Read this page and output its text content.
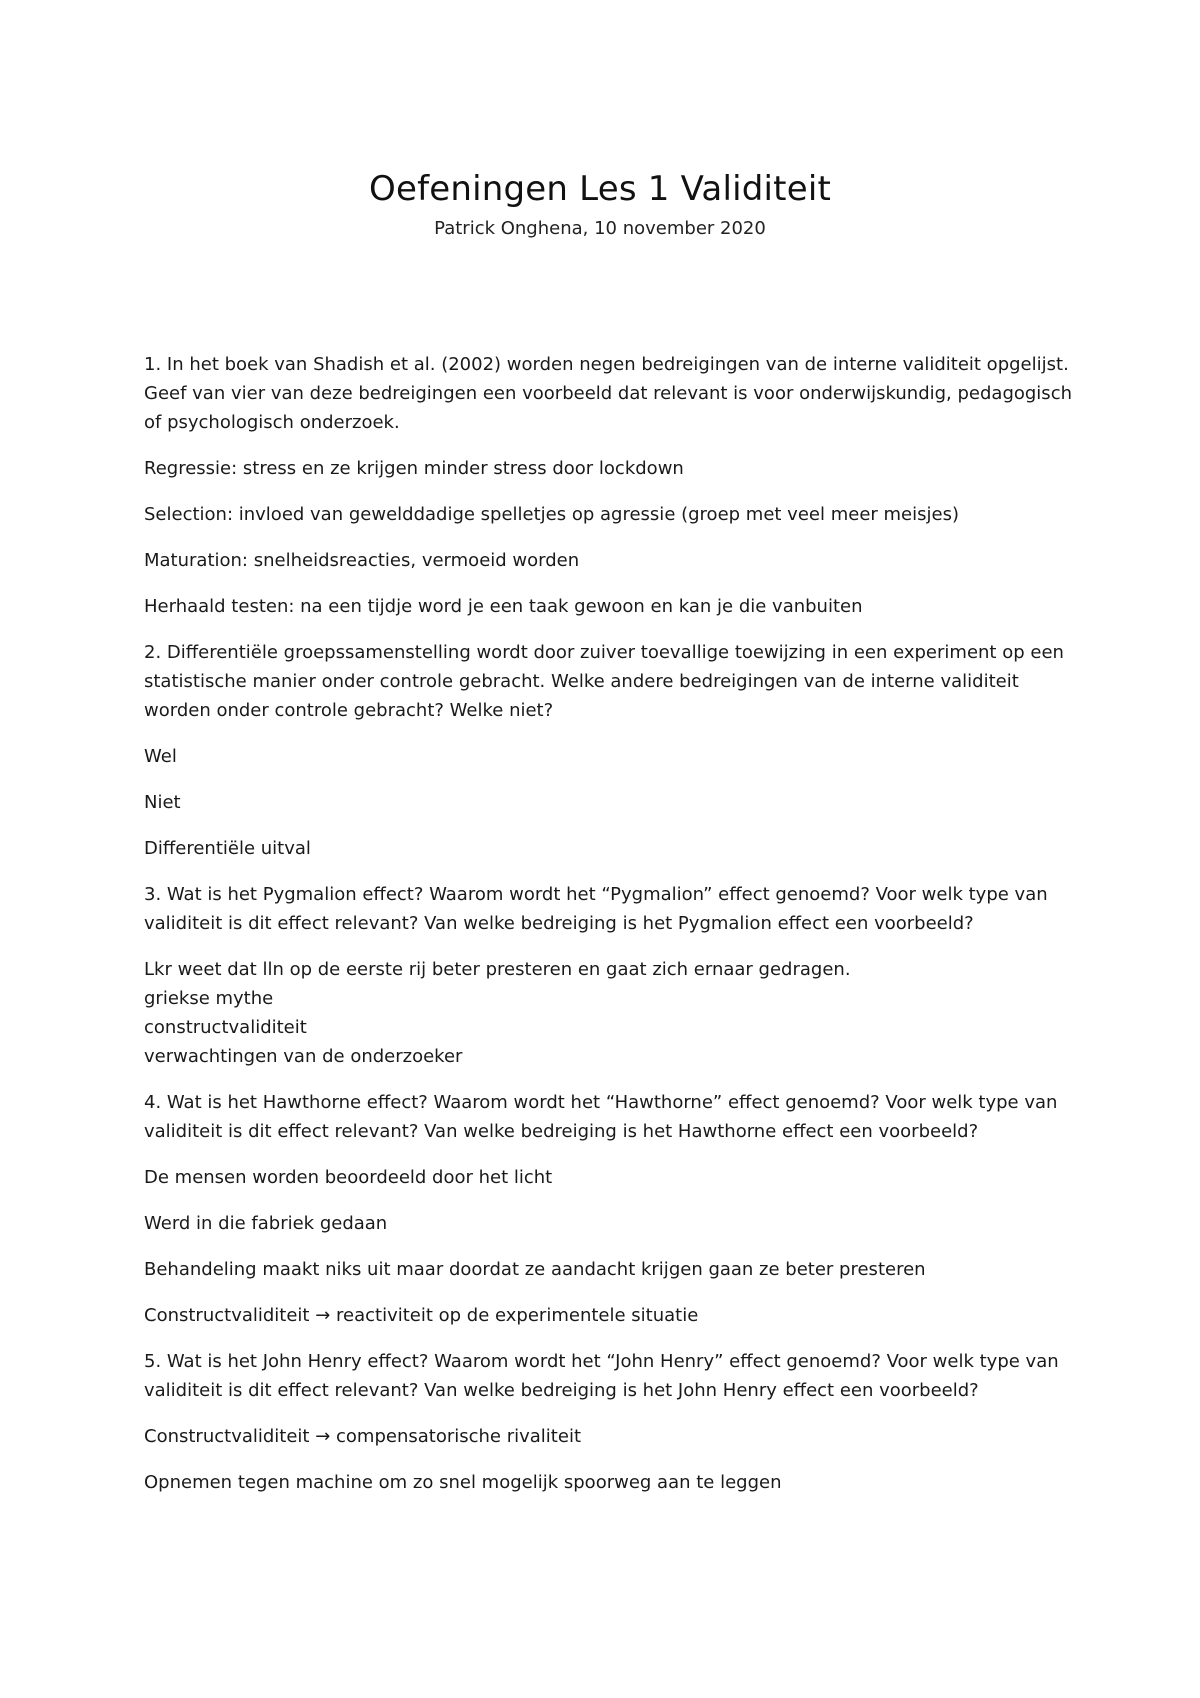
Oefeningen Les 1 Validiteit
Patrick Onghena, 10 november 2020

1. In het boek van Shadish et al. (2002) worden negen bedreigingen van de interne validiteit opgelijst. Geef van vier van deze bedreigingen een voorbeeld dat relevant is voor onderwijskundig, pedagogisch of psychologisch onderzoek.

Regressie: stress en ze krijgen minder stress door lockdown

Selection: invloed van gewelddadige spelletjes op agressie (groep met veel meer meisjes)

Maturation: snelheidsreacties, vermoeid worden

Herhaald testen: na een tijdje word je een taak gewoon en kan je die vanbuiten

2. Differentiële groepssamenstelling wordt door zuiver toevallige toewijzing in een experiment op een statistische manier onder controle gebracht. Welke andere bedreigingen van de interne validiteit worden onder controle gebracht? Welke niet?

Wel

Niet

Differentiële uitval

3. Wat is het Pygmalion effect? Waarom wordt het “Pygmalion” effect genoemd? Voor welk type van validiteit is dit effect relevant? Van welke bedreiging is het Pygmalion effect een voorbeeld?

Lkr weet dat lln op de eerste rij beter presteren en gaat zich ernaar gedragen.
griekse mythe
constructvaliditeit
verwachtingen van de onderzoeker

4. Wat is het Hawthorne effect? Waarom wordt het “Hawthorne” effect genoemd? Voor welk type van validiteit is dit effect relevant? Van welke bedreiging is het Hawthorne effect een voorbeeld?

De mensen worden beoordeeld door het licht

Werd in die fabriek gedaan

Behandeling maakt niks uit maar doordat ze aandacht krijgen gaan ze beter presteren

Constructvaliditeit → reactiviteit op de experimentele situatie

5. Wat is het John Henry effect? Waarom wordt het “John Henry” effect genoemd? Voor welk type van validiteit is dit effect relevant? Van welke bedreiging is het John Henry effect een voorbeeld?

Constructvaliditeit → compensatorische rivaliteit

Opnemen tegen machine om zo snel mogelijk spoorweg aan te leggen
